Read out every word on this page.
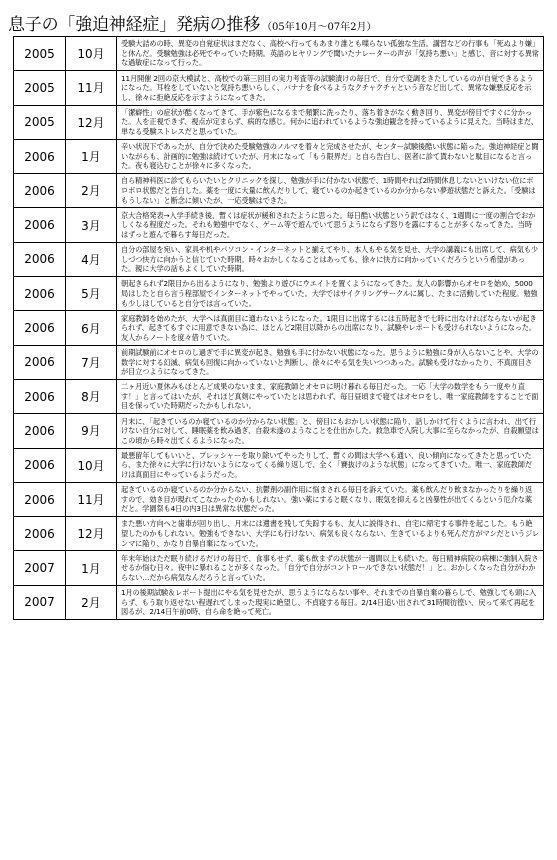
息子の「強迫神経症」発病の推移 （05年10月～07年2月）
2005	10月	受験大詰めの時、異変の自覚症状はまだなく、高校へ行ってもあまり誰とも喋らない孤独な生活。講習などの行事も「死ぬより嫌」と休んだ。受験勉強は必死でやっていた時期。英語のヒヤリングで聞いたナレーターの声が「気持ち悪い」と感じ、音に対する異常な過敏症になって行った。

2005	11月	11月開催 2回の京大模試と、高校での第三回目の実力考査等の試験漬けの毎日で、自分で変調をきたしているのが自覚できるようになった。耳栓をしていないと気持ち悪いらしく、バナナを食べるようなクチャクチャという音など出して、異常な嫌悪反応を示し、徐々に拒絶反応を示すようになってきた。

2005	12月	「潔癖性」の症状が酷くなってきて、手が紫色になるまで頻繁に洗ったり、落ち着きがなく動き回り、異変が傍目ですぐに分かった。人を正視できず、視点が定まらず、病的な感じ。何かに追われているような強迫観念を持っているように見えた。当時はまだ、単なる受験ストレスだと思っていた。

2006	1月	辛い状況下であったが、自分で決めた受験勉強のノルマを着々と完成させたが、センター試験後酷い状態に陥った。強迫神経症と闘いながらも、計画的に勉強は続けていたが、月末になって「もう限界だ」と自ら告白し、医者に診て貰わないと駄目になると言った。夜も寝込むことが徐々に多くなった。

2006	2月	自ら精神科医に診てもらいたいとクリニックを探し、勉強が手に付かない状態で、1時間やれば2時間休息しないといけない位にボロボロ状態だと告白した。薬を一度に大量に飲んだりして、寝ているのか起きているのか分からない夢遊状態だと訴えた。「受験はもうしない」と断念に傾いたが、一応受験はできた。

2006	3月	京大合格発表→入学手続き後、暫くは症状が緩和されたように思った。毎日酷い状態という訳ではなく、1週間に一度の割合でおかしくなる程度だった。それも勉強中でなく、ゲーム等で遊んでいて思うようにならず怒りを露にすることが多くなってきた。当時はずっと遊んで暮らす毎日だった。

2006	4月	自分の部屋を宛い、家具や机やパソコン・インターネットと揃えてやり、本人もやる気を見せ、大学の講義にも出席して、病気も少しづつ快方に向かうと信じていた時期。時々おかしくなることはあっても、徐々に快方に向かっていくだろうという希望があった。親に大学の話もよくしていた時期。

2006	5月	朝起きられず2限目から出るようになり、勉強より遊びにウエイトを置くようになってきた。友人の影響からオセロを始め、5000局はしたと自ら言う程部屋でインターネットでやっていた。大学ではサイクリングサークルに属し、たまに活動していた程度。勉強も少しはしていると自分では言っていた。

2006	6月	家庭教師を始めたが、大学へは真面目に通わないようになった。1限目に出席するには五時起きで七時に出なければならないが起きられず、起きてもすぐに用意できない為に、ほとんど2限目以降からの出席になり、試験やレポートも受けられないようになった。友人からノートを度々借りていた。

2006	7月	前期試験前にオセロのし過ぎで手に異変が起き、勉強も手に付かない状態になった。思うように勉強に身が入らないことや、大学の数学に対する幻滅、病気も回復に向かっていないと判断し、徐々にやる気を失いつつあった。試験も受けなかったり、不真面目さが目立つようになってきた。

2006	8月	二ヶ月近い夏休みもほとんど成果のないまま、家庭教師とオセロに明け暮れる毎日だった。一応「大学の数学をもう一度やり直す！」と言ってはいたが、それほど真剣にやっていたとは思われず、毎日昼頃まで寝てはオセロをし、唯一家庭教師をすることで面目を保っていた時期だったかもしれない。

2006	9月	月末に、「起きているのか寝ているのか分からない状態」と、傍目にもおかしい状態に陥り、話しかけて行くように言われ、出て行けない自分に対して、睡眠薬を飲み過ぎ、自殺未遂のようなことを仕出かした。救急車で入院し大事に至らなかったが、自殺願望はこの頃から時々出てくるようになった。

2006	10月	最悪留年してもいいと、プレッシャーを取り除いてやったりして、暫くの間は大学へも通い、良い傾向になってきたと思っていたら、また徐々に大学に行けないようになってくる繰り返しで、全く「賽抜けのような状態」になってきていた。唯一、家庭教師だけは真面目にやっているようだった。

2006	11月	起きているのか寝ているのか分からない、抗鬱剤の副作用に悩まされる毎日を訴えていた。薬も飲んだり飲まなかったりを繰り返すので、効き目が現れてこなかったのかもしれない。強い薬にすると眠くなり、眠気を抑えると凶暴性が出てくるという厄介な薬だと。学園祭も4日の内3日は異常な状態だった。

2006	12月	また悪い方向へと歯車が回り出し、月末には遺書を残して失踪するも、友人に説得され、自宅に帰宅する事件を起こした。もう絶望したのかもしれない。勉強もできない、大学にも行けない、病気も良くならない、生きているよりも死んだ方がマシだというジレンマに陥り、かなり自暴自棄になっていた。

2007	1月	年末年始はただ眠り続けるだけの毎日で、食事もせず、薬も飲まずの状態が一週間以上も続いた。毎日精神病院の病棟に強制入院させるか悩む日々。夜中に暴れることが多くなった。「自分で自分がコントロールできない状態だ！」と。おかしくなった自分がわからない…だから病気なんだろうと言っていた。

2007	2月	1月の後期試験＆レポート提出にやる気を見せたが、思うようにならない事や、それまでの自暴自棄の暮らしで、勉強しても頭に入らず、もう取り返せない程遅れてしまった現実に絶望し、不貞寝する毎日。2/14日追い出されて31時間彷徨い、戻って来て再起を図るが、2/14日午前0時、自ら命を絶って死亡。
